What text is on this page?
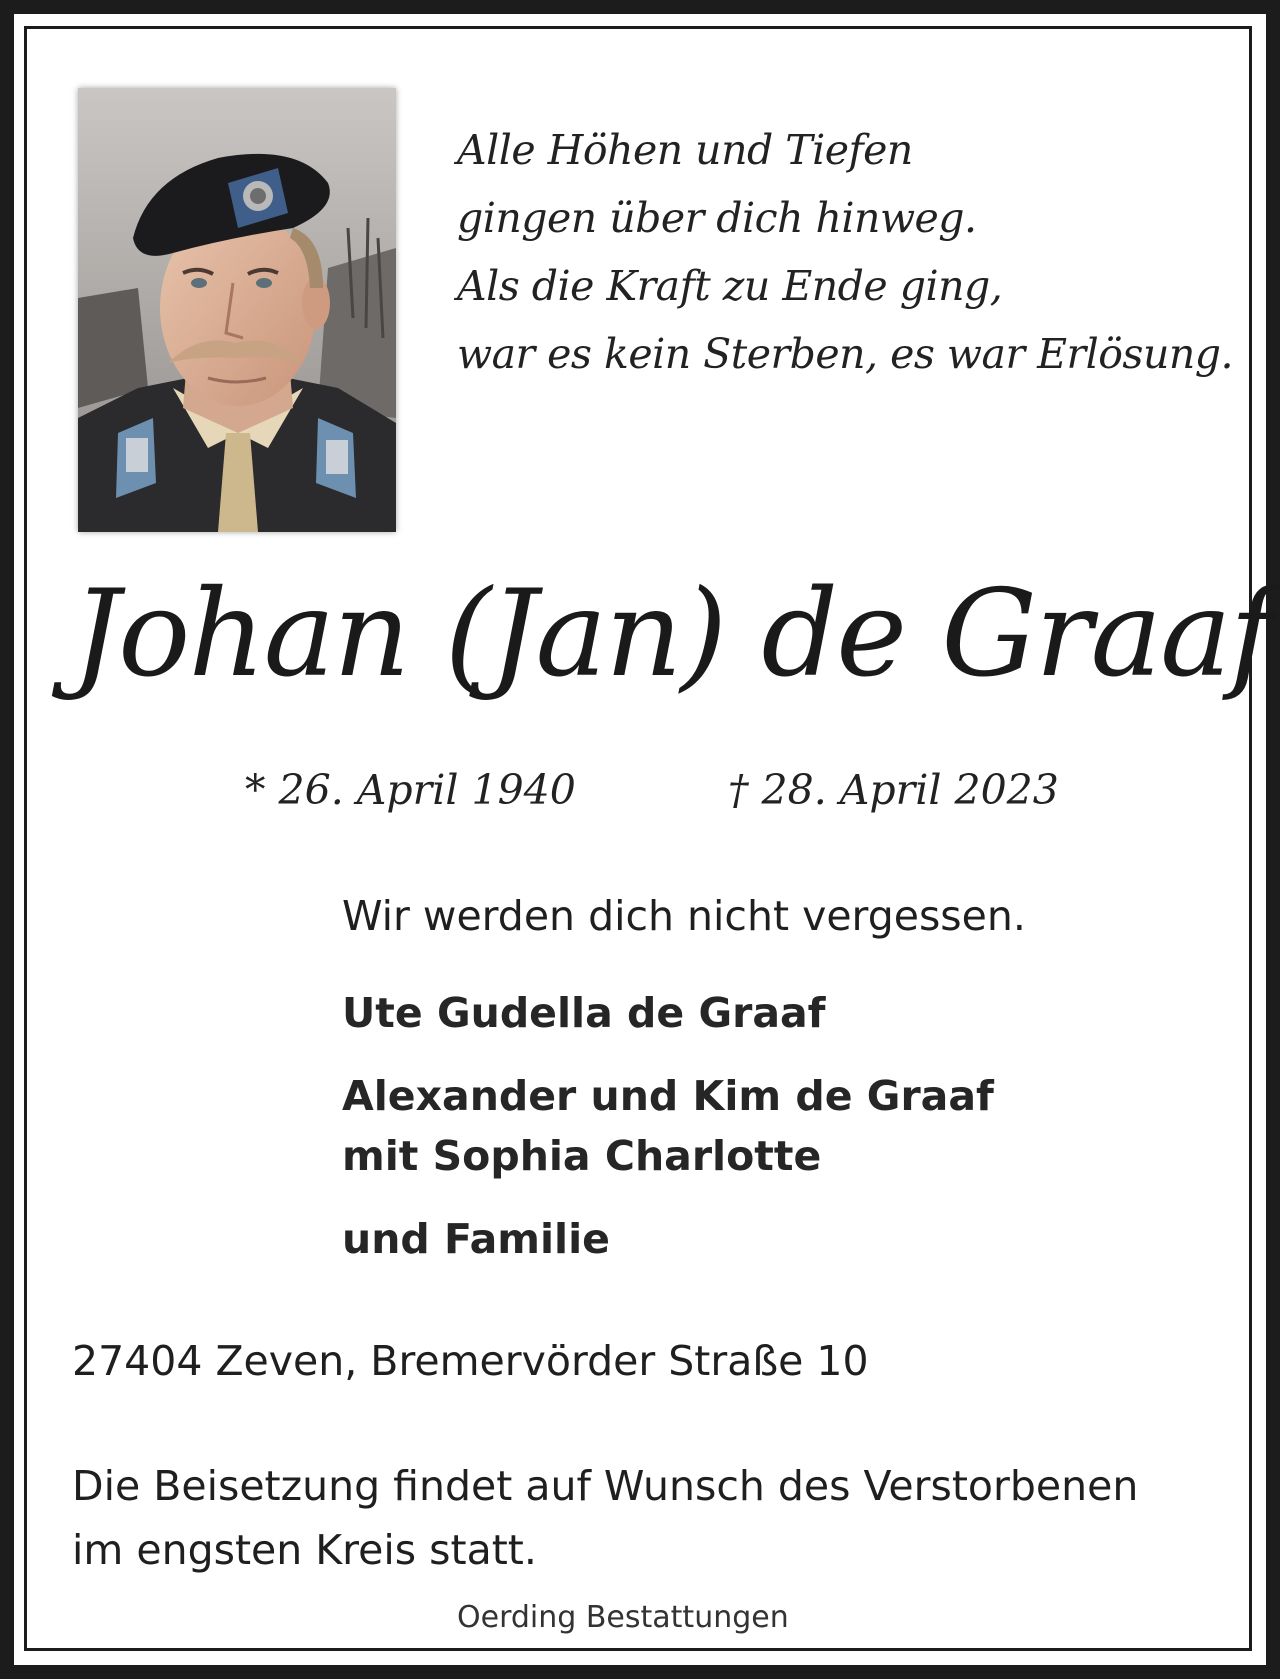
Alle Höhen und Tiefen
gingen über dich hinweg.
Als die Kraft zu Ende ging,
war es kein Sterben, es war Erlösung.
Johan (Jan) de Graaf
* 26. April 1940	† 28. April 2023
Wir werden dich nicht vergessen.
Ute Gudella de Graaf
Alexander und Kim de Graaf
mit Sophia Charlotte
und Familie
27404 Zeven, Bremervörder Straße 10
Die Beisetzung findet auf Wunsch des Verstorbenen
im engsten Kreis statt.
Oerding Bestattungen
